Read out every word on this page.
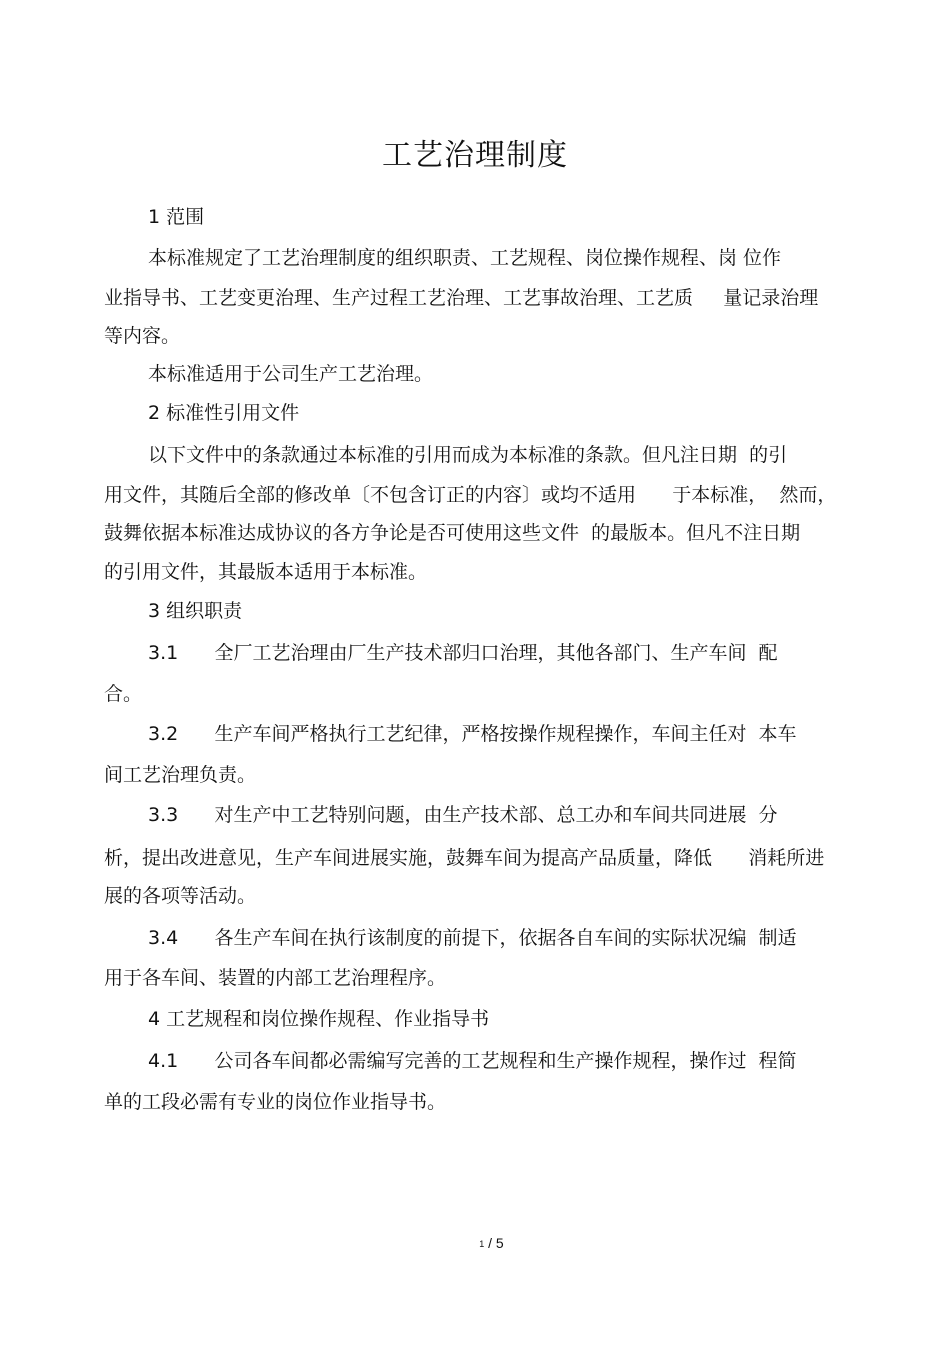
工艺治理制度
1 范围
本标准规定了工艺治理制度的组织职责、工艺规程、岗位操作规程、岗 位作
业指导书、工艺变更治理、生产过程工艺治理、工艺事故治理、工艺质     量记录治理
等内容。
本标准适用于公司生产工艺治理。
2 标准性引用文件
以下文件中的条款通过本标准的引用而成为本标准的条款。但凡注日期  的引
用文件，其随后全部的修改单〔不包含订正的内容〕或均不适用      于本标准，  然而，
鼓舞依据本标准达成协议的各方争论是否可使用这些文件  的最版本。但凡不注日期
的引用文件，其最版本适用于本标准。
3 组织职责
3.1      全厂工艺治理由厂生产技术部归口治理，其他各部门、生产车间  配
合。
3.2      生产车间严格执行工艺纪律，严格按操作规程操作，车间主任对  本车
间工艺治理负责。
3.3      对生产中工艺特别问题，由生产技术部、总工办和车间共同进展  分
析，提出改进意见，生产车间进展实施，鼓舞车间为提高产品质量，降低      消耗所进
展的各项等活动。
3.4      各生产车间在执行该制度的前提下，依据各自车间的实际状况编  制适
用于各车间、装置的内部工艺治理程序。
4 工艺规程和岗位操作规程、作业指导书
4.1      公司各车间都必需编写完善的工艺规程和生产操作规程，操作过  程简
单的工段必需有专业的岗位作业指导书。
1 / 5
